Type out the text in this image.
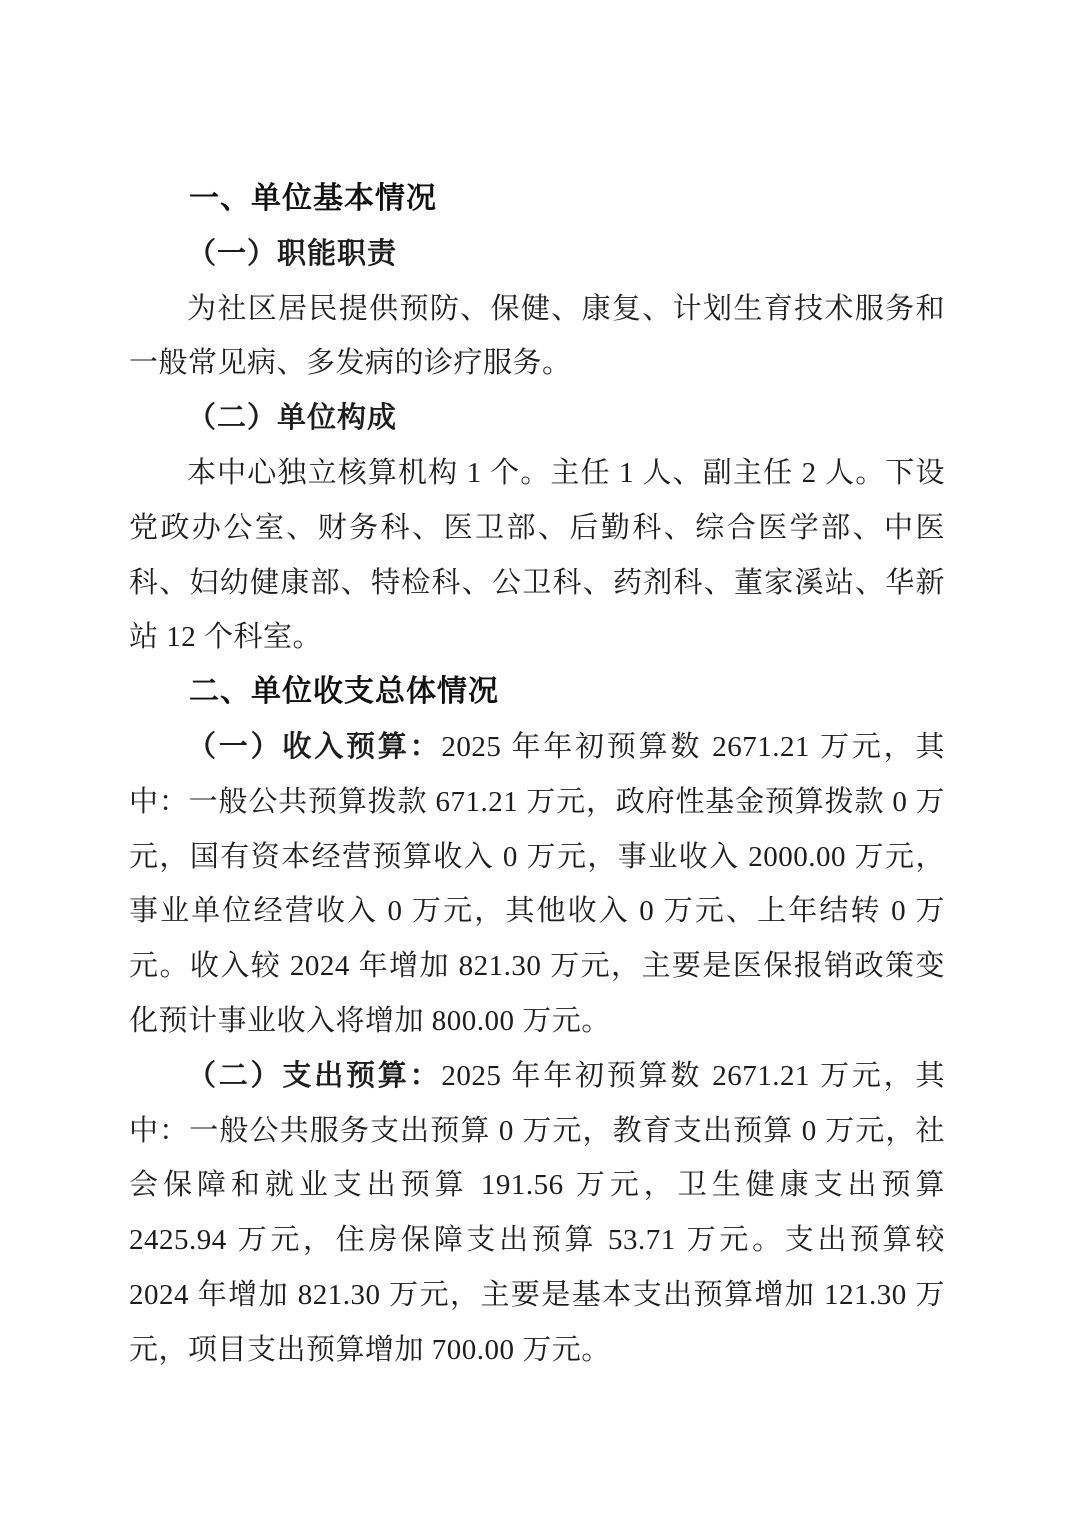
一、单位基本情况
（一）职能职责
为社区居民提供预防、保健、康复、计划生育技术服务和一般常见病、多发病的诊疗服务。
（二）单位构成
本中心独立核算机构 1 个。主任 1 人、副主任 2 人。下设党政办公室、财务科、医卫部、后勤科、综合医学部、中医科、妇幼健康部、特检科、公卫科、药剂科、董家溪站、华新站 12 个科室。
二、单位收支总体情况
（一）收入预算：2025 年年初预算数 2671.21 万元，其中：一般公共预算拨款 671.21 万元，政府性基金预算拨款 0 万元，国有资本经营预算收入 0 万元，事业收入 2000.00 万元，事业单位经营收入 0 万元，其他收入 0 万元、上年结转 0 万元。收入较 2024 年增加 821.30 万元，主要是医保报销政策变化预计事业收入将增加 800.00 万元。
（二）支出预算：2025 年年初预算数 2671.21 万元，其中：一般公共服务支出预算 0 万元，教育支出预算 0 万元，社会保障和就业支出预算 191.56 万元，卫生健康支出预算 2425.94 万元，住房保障支出预算 53.71 万元。支出预算较 2024 年增加 821.30 万元，主要是基本支出预算增加 121.30 万元，项目支出预算增加 700.00 万元。
